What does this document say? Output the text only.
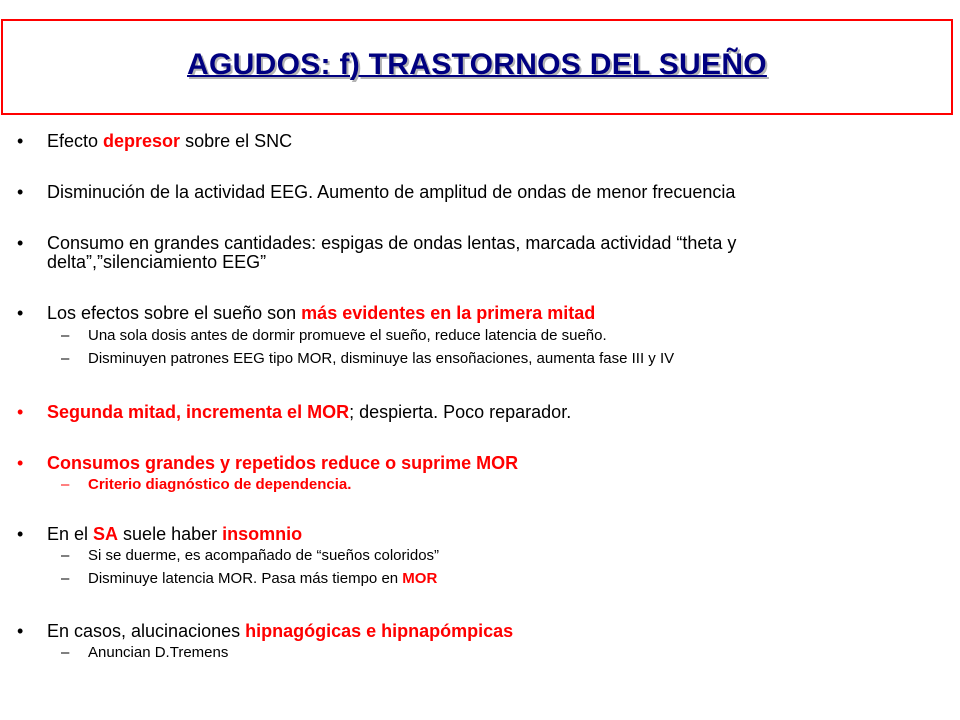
AGUDOS: f) TRASTORNOS DEL SUEÑO
• Efecto depresor sobre el SNC
• Disminución de la actividad EEG. Aumento de amplitud de ondas de menor frecuencia
• Consumo en grandes cantidades: espigas de ondas lentas, marcada actividad “theta y
delta”,”silenciamiento EEG”
• Los efectos sobre el sueño son más evidentes en la primera mitad
– Una sola dosis antes de dormir promueve el sueño, reduce latencia de sueño.
– Disminuyen patrones EEG tipo MOR, disminuye las ensoñaciones, aumenta fase III y IV
• Segunda mitad, incrementa el MOR; despierta. Poco reparador.
• Consumos grandes y repetidos reduce o suprime MOR
– Criterio diagnóstico de dependencia.
• En el SA suele haber insomnio
– Si se duerme, es acompañado de “sueños coloridos”
– Disminuye latencia MOR. Pasa más tiempo en MOR
• En casos, alucinaciones hipnagógicas e hipnapómpicas
– Anuncian D.Tremens
